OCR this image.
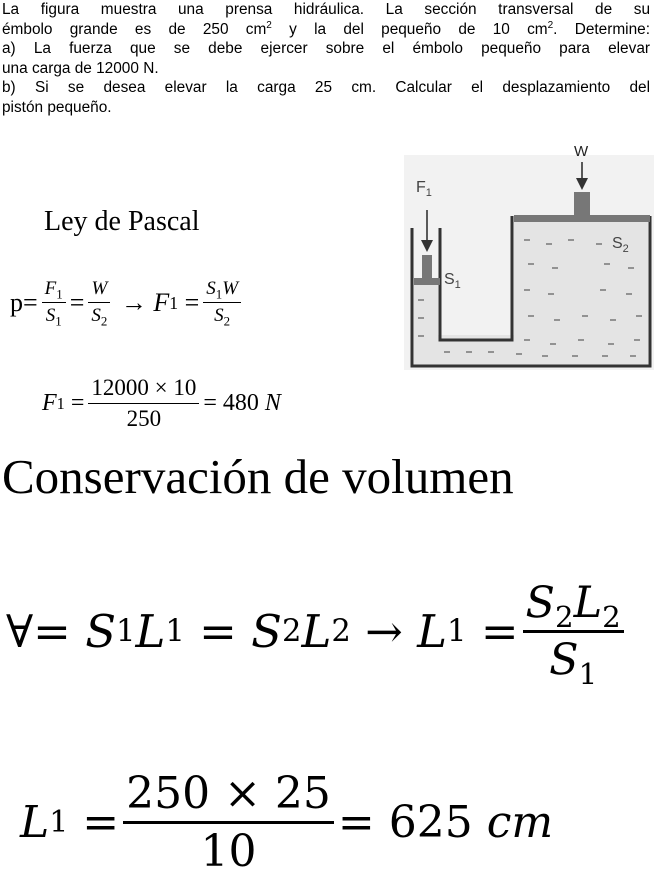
La figura muestra una prensa hidráulica. La sección transversal de su

émbolo grande es de 250 $cm^2$ y la del pequeño de 10 $cm^2$. Determine:

a) La fuerza que se debe ejercer sobre el émbolo pequeño para elevar

una carga de 12000 N.

b) Si se desea elevar la carga 25 cm. Calcular el desplazamiento del

pistón pequeño.

Ley de Pascal
$p= \frac{F_1}{S_1} = \frac{W}{S_2} \to F$ $1 = \frac{S_1W}{S_2}$
F $1 = \frac{12000 \times 10}{250} = 480$
N
Conservación de volumen
∀=
S 1 L 1 = S 2 L 2 → L $1 = \frac{S_2L_2}{S_1}$
L $1 = \frac{250 \times 25}{10} = 625$
cm
W
$F_1$
$S_1$
$S_2$
